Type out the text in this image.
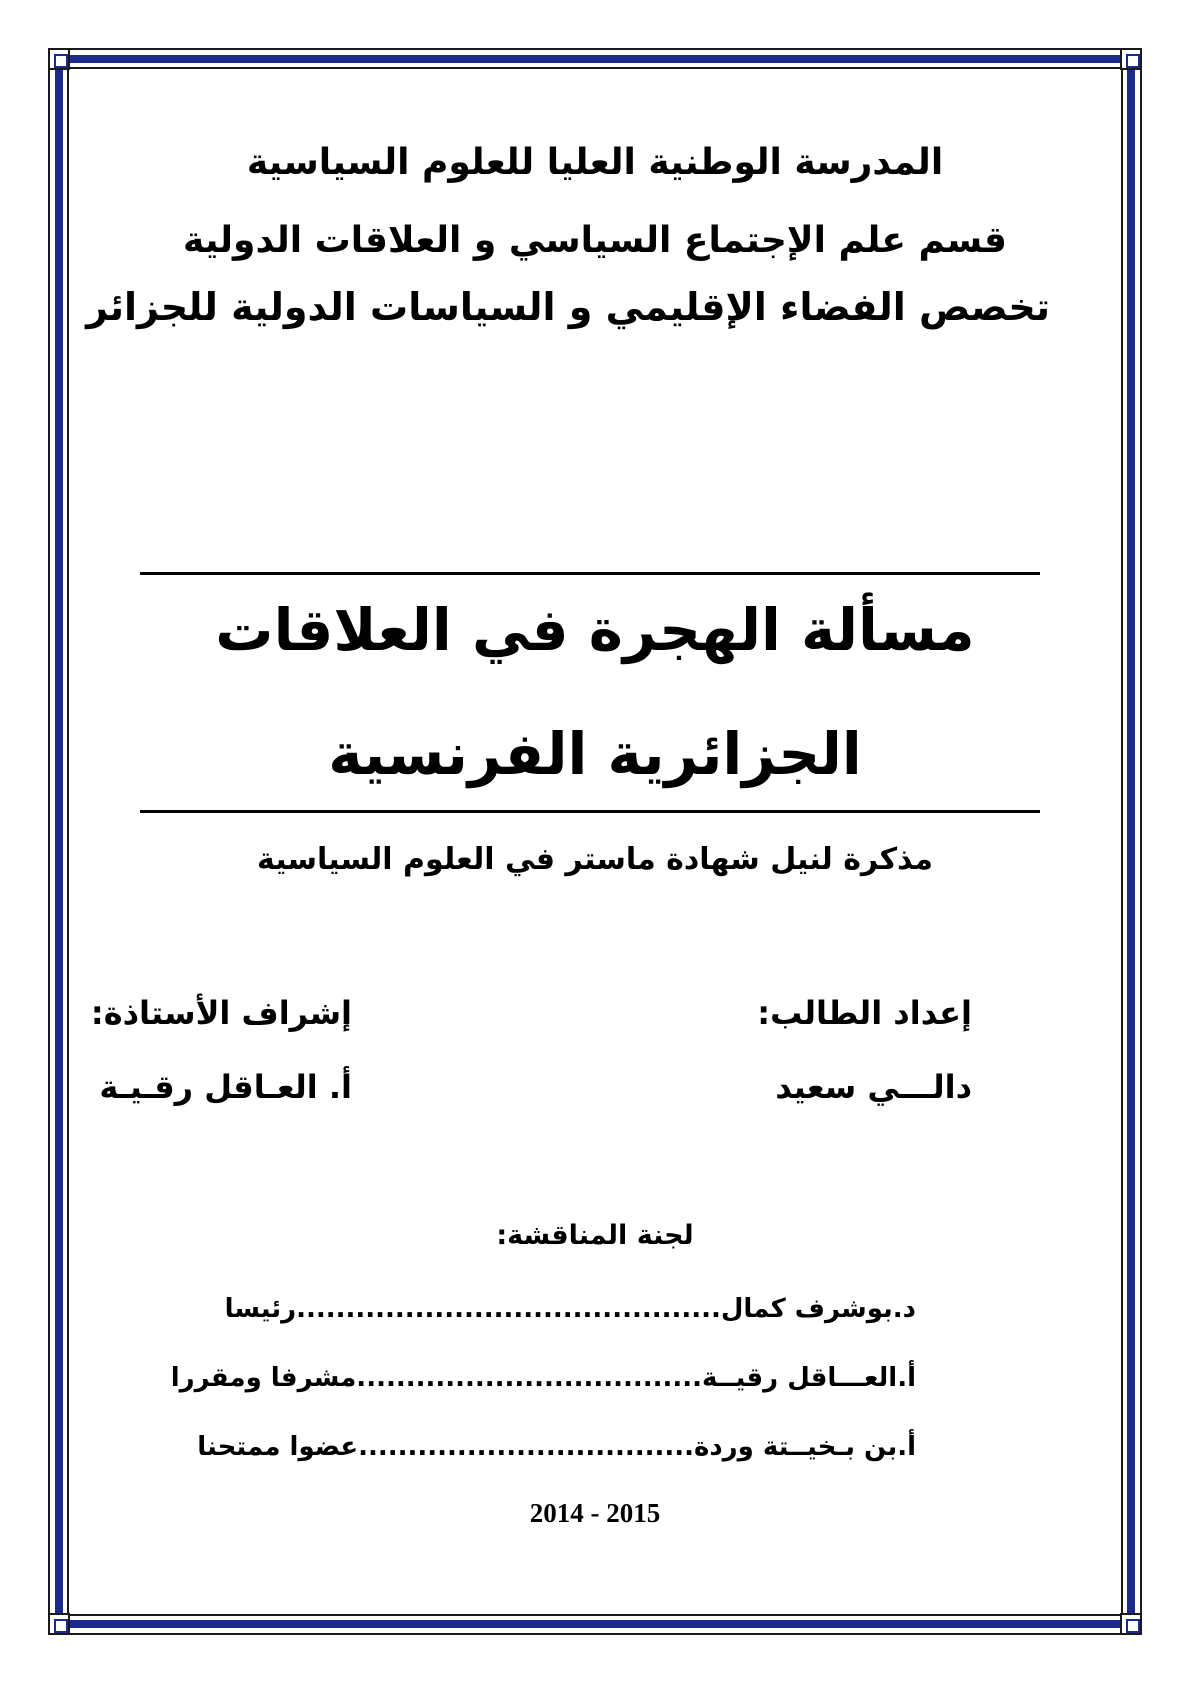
المدرسة الوطنية العليا للعلوم السياسية
قسم علم الإجتماع السياسي و العلاقات الدولية
تخصص الفضاء الإقليمي و السياسات الدولية للجزائر
مسألة الهجرة في العلاقات
الجزائرية الفرنسية
مذكرة لنيل شهادة ماستر في العلوم السياسية
إعداد الطالب:
إشراف الأستاذة:
دالـــي سعيد
أ. العـاقل رقـيـة
لجنة المناقشة:
د.بوشرف كمال...........................................رئيسا
أ.العـــاقل رقيــة...................................مشرفا ومقررا
أ.بن بـخيــتة وردة..................................عضوا ممتحنا
2015 - 2014
